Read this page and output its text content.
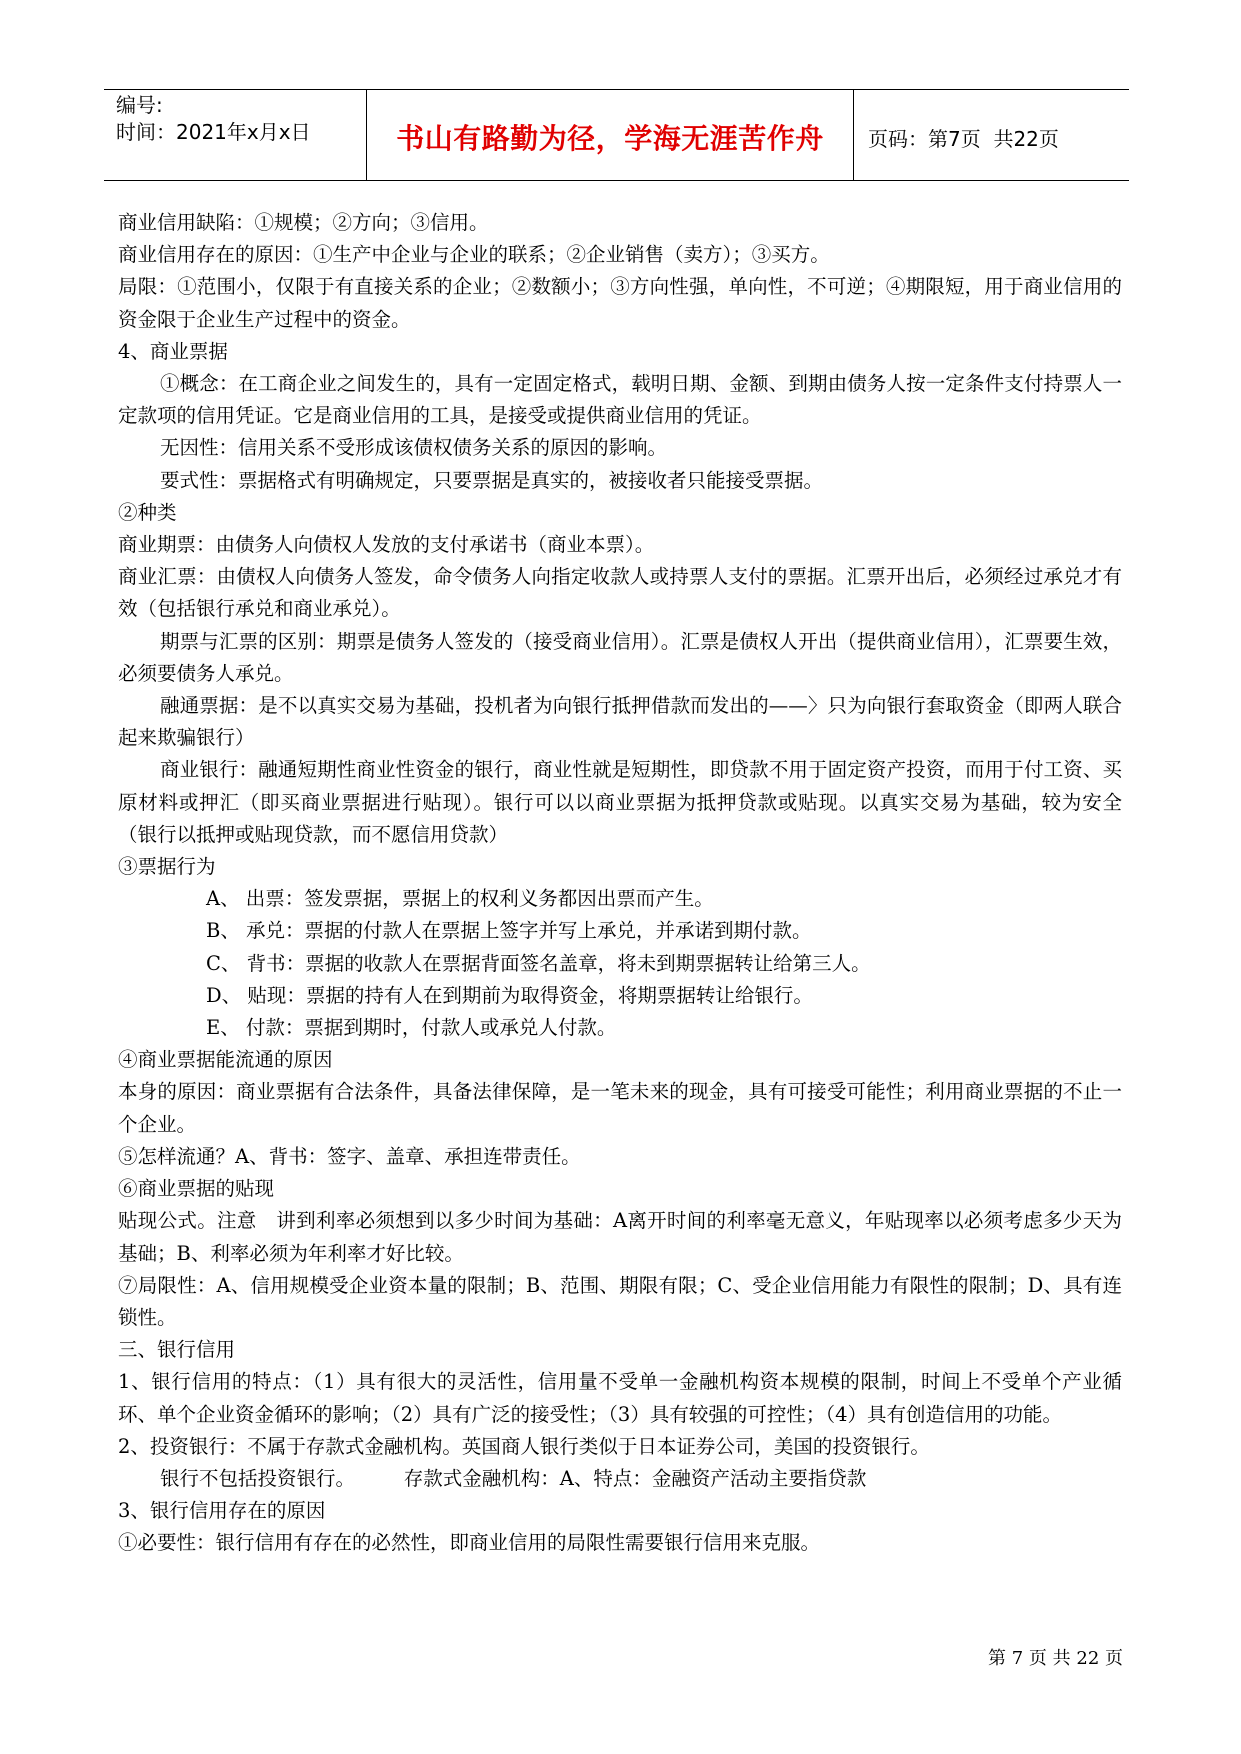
编号:
时间：2021年x月x日	书山有路勤为径，学海无涯苦作舟 页码：第7页  共22页

商业信用缺陷：①规模；②方向；③信用。

商业信用存在的原因：①生产中企业与企业的联系；②企业销售（卖方）；③买方。

局限：①范围小，仅限于有直接关系的企业；②数额小；③方向性强，单向性，不可逆；④期限短，用于商业信用的资金限于企业生产过程中的资金。

4、商业票据

①概念：在工商企业之间发生的，具有一定固定格式，载明日期、金额、到期由债务人按一定条件支付持票人一定款项的信用凭证。它是商业信用的工具，是接受或提供商业信用的凭证。

无因性：信用关系不受形成该债权债务关系的原因的影响。

要式性：票据格式有明确规定，只要票据是真实的，被接收者只能接受票据。

②种类

商业期票：由债务人向债权人发放的支付承诺书（商业本票）。

商业汇票：由债权人向债务人签发，命令债务人向指定收款人或持票人支付的票据。汇票开出后，必须经过承兑才有效（包括银行承兑和商业承兑）。

期票与汇票的区别：期票是债务人签发的（接受商业信用）。汇票是债权人开出（提供商业信用），汇票要生效，必须要债务人承兑。

融通票据：是不以真实交易为基础，投机者为向银行抵押借款而发出的——〉只为向银行套取资金（即两人联合起来欺骗银行）

商业银行：融通短期性商业性资金的银行，商业性就是短期性，即贷款不用于固定资产投资，而用于付工资、买原材料或押汇（即买商业票据进行贴现）。银行可以以商业票据为抵押贷款或贴现。以真实交易为基础，较为安全（银行以抵押或贴现贷款，而不愿信用贷款）

③票据行为

A、 出票：签发票据，票据上的权利义务都因出票而产生。

B、 承兑：票据的付款人在票据上签字并写上承兑，并承诺到期付款。

C、 背书：票据的收款人在票据背面签名盖章，将未到期票据转让给第三人。

D、 贴现：票据的持有人在到期前为取得资金，将期票据转让给银行。

E、 付款：票据到期时，付款人或承兑人付款。

④商业票据能流通的原因

本身的原因：商业票据有合法条件，具备法律保障，是一笔未来的现金，具有可接受可能性；利用商业票据的不止一个企业。

⑤怎样流通？A、背书：签字、盖章、承担连带责任。

⑥商业票据的贴现

贴现公式。注意　讲到利率必须想到以多少时间为基础：A离开时间的利率毫无意义，年贴现率以必须考虑多少天为基础；B、利率必须为年利率才好比较。

⑦局限性：A、信用规模受企业资本量的限制；B、范围、期限有限；C、受企业信用能力有限性的限制；D、具有连锁性。

三、银行信用

1、银行信用的特点：（1）具有很大的灵活性，信用量不受单一金融机构资本规模的限制，时间上不受单个产业循环、单个企业资金循环的影响；（2）具有广泛的接受性；（3）具有较强的可控性；（4）具有创造信用的功能。

2、投资银行：不属于存款式金融机构。英国商人银行类似于日本证券公司，美国的投资银行。

银行不包括投资银行。　　　存款式金融机构：A、特点：金融资产活动主要指贷款

3、银行信用存在的原因

①必要性：银行信用有存在的必然性，即商业信用的局限性需要银行信用来克服。

第 7 页 共 22 页
